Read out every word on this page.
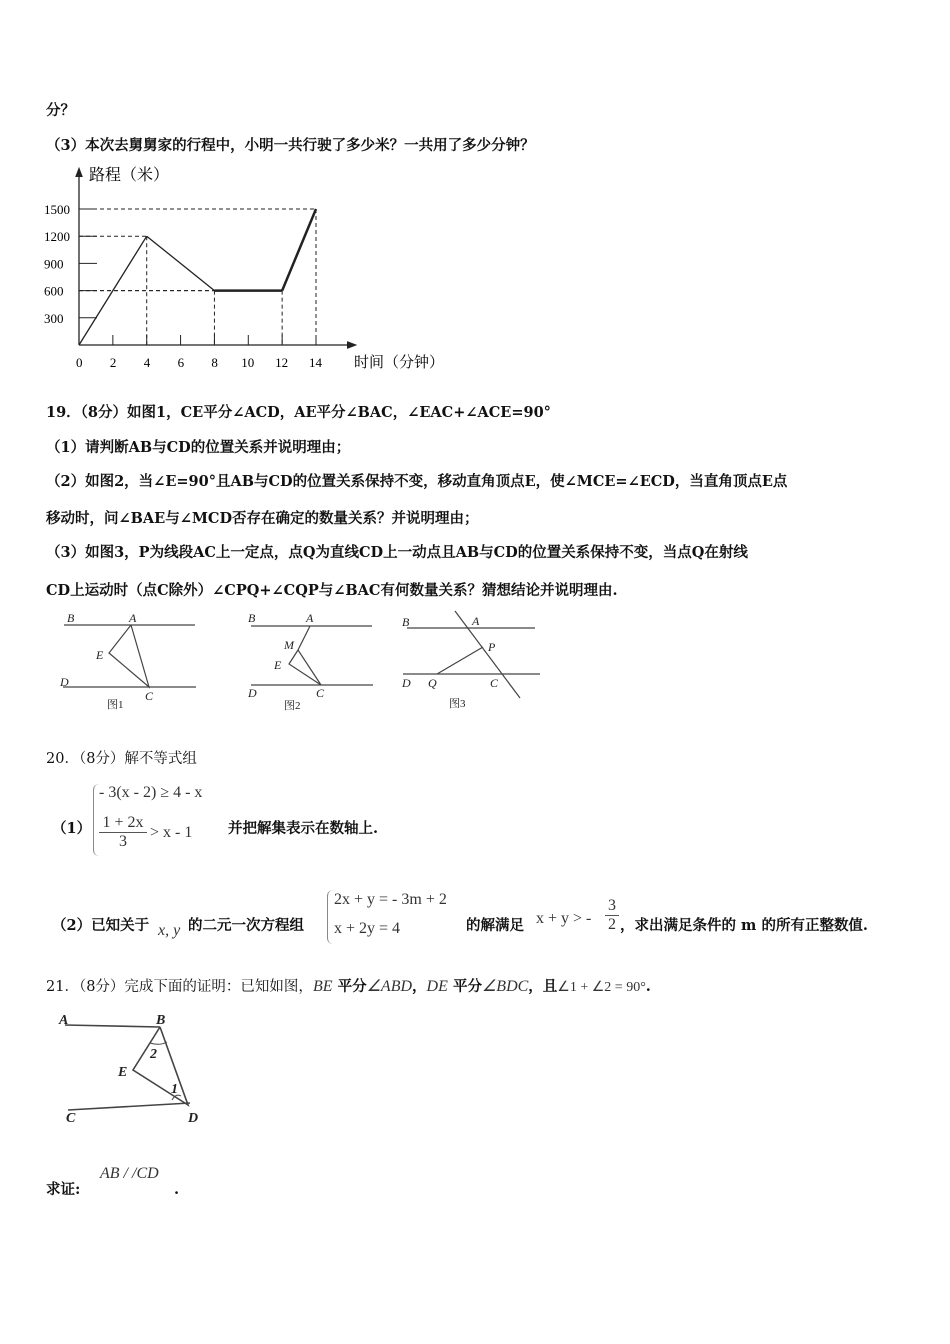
分？
（3）本次去舅舅家的行程中，小明一共行驶了多少米？一共用了多少分钟？
0 2 4 6 8 10 12 14
300
600
900
1200
1500
路程（米）
时间（分钟）
19．（8分）如图1，CE平分∠ACD，AE平分∠BAC，∠EAC+∠ACE=90°
（1）请判断AB与CD的位置关系并说明理由；
（2）如图2，当∠E=90°且AB与CD的位置关系保持不变，移动直角顶点E，使∠MCE=∠ECD，当直角顶点E点
移动时，问∠BAE与∠MCD否存在确定的数量关系？并说明理由；
（3）如图3，P为线段AC上一定点，点Q为直线CD上一动点且AB与CD的位置关系保持不变，当点Q在射线
CD上运动时（点C除外）∠CPQ+∠CQP与∠BAC有何数量关系？猜想结论并说明理由.
B	A
E
D
C
B	A
M
E
D	C
B	A
P
D Q	C
A	B
E
C	D
2
1
图1	图2	图3
20．（8分）解不等式组
（1）
- 3(x - 2) ≥ 4 - x
$\frac{1 + 2x}{3} > x - 1$ 并把解集表示在数轴上.
（2）已知关于 x, y 的二元一次方程组
2x + y = - 3m + 2
x + 2y = 4	的解满足 x + y > - $\frac{3}{2}$ ，求出满足条件的 m 的所有正整数值.
21．（8分）完成下面的证明：已知如图，BE 平分∠ABD，DE 平分∠BDC，且∠1 + ∠2 = 90°.
求证:
AB / /CD
.
